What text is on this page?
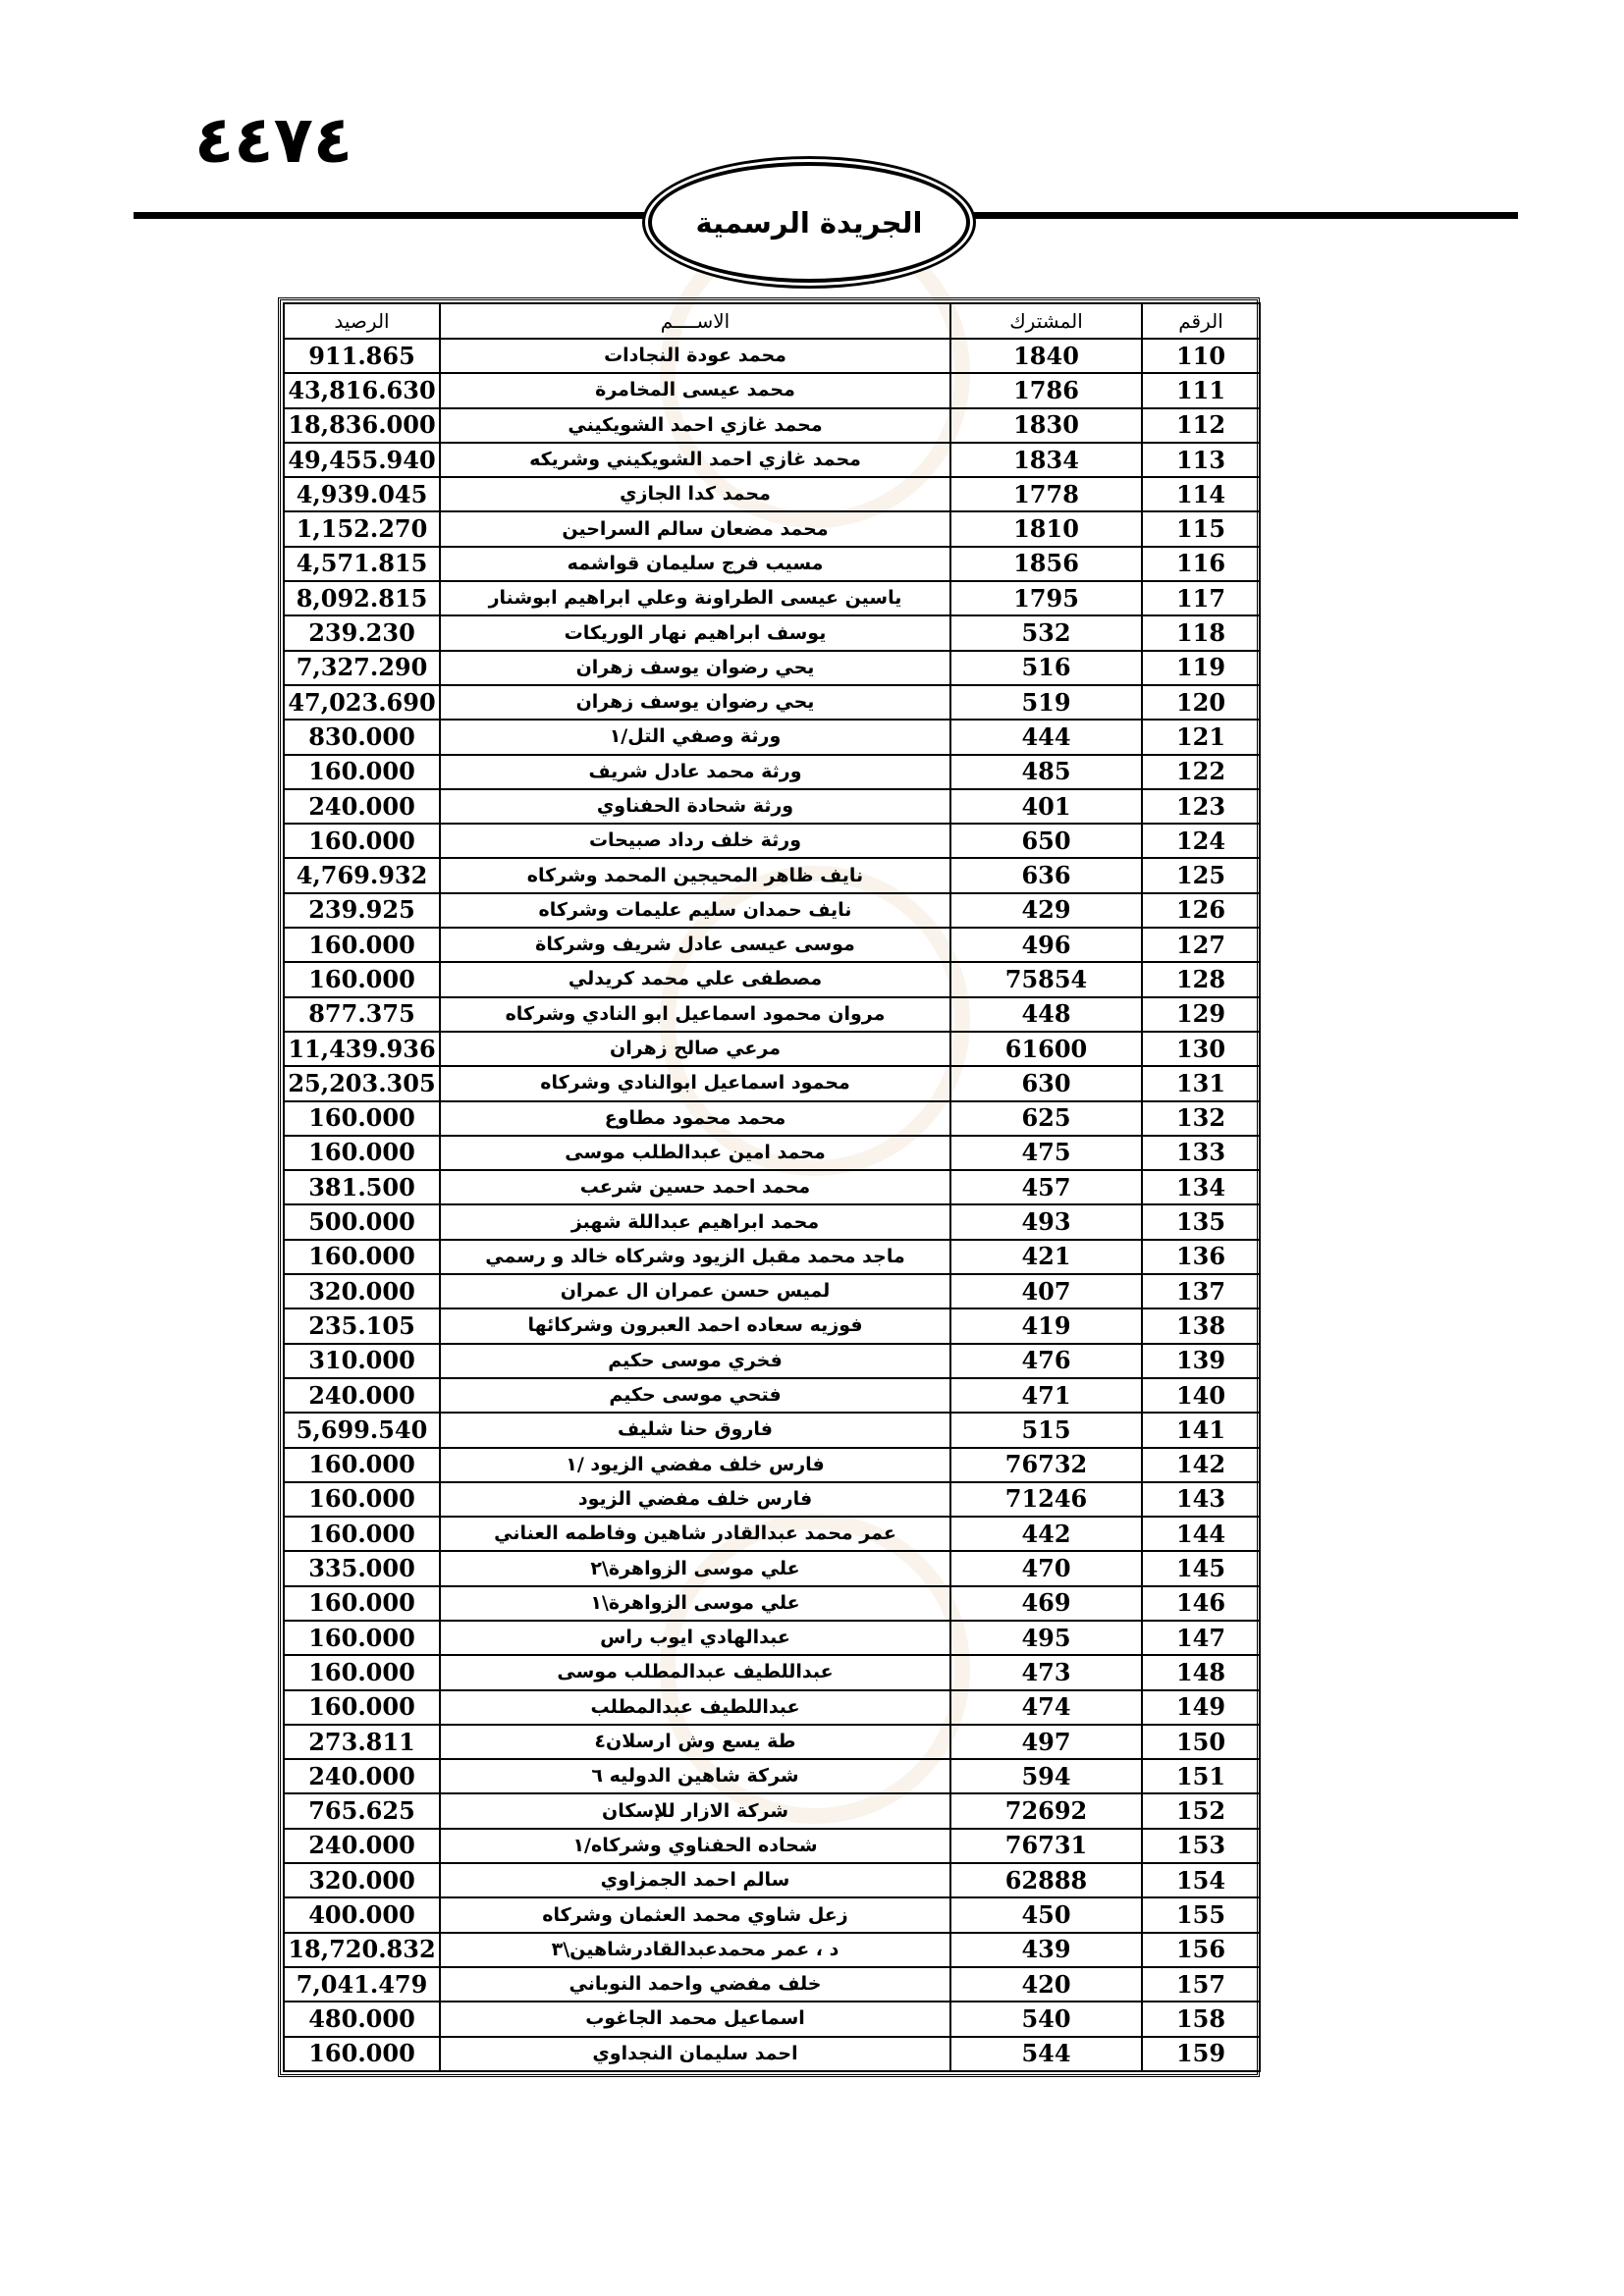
٤٤٧٤
الجريدة الرسمية
الرقم	المشترك	الاســــم	الرصيد
110	1840	محمد عودة النجادات	911.865
111	1786	محمد عيسى المخامرة	43,816.630
112	1830	محمد غازي احمد الشويكيني	18,836.000
113	1834	محمد غازي احمد الشويكيني وشريكه	49,455.940
114	1778	محمد كدا الجازي	4,939.045
115	1810	محمد مضعان سالم السراحين	1,152.270
116	1856	مسيب فرج سليمان قواشمه	4,571.815
117	1795	ياسين عيسى الطراونة وعلي ابراهيم ابوشنار	8,092.815
118	532	يوسف ابراهيم نهار الوريكات	239.230
119	516	يحي رضوان يوسف زهران	7,327.290
120	519	يحي رضوان يوسف زهران	47,023.690
121	444	ورثة وصفي التل/١	830.000
122	485	ورثة محمد عادل شريف	160.000
123	401	ورثة شحادة الحفناوي	240.000
124	650	ورثة خلف رداد صبيحات	160.000
125	636	نايف ظاهر المحيجين المحمد وشركاه	4,769.932
126	429	نايف حمدان سليم عليمات وشركاه	239.925
127	496	موسى عيسى عادل شريف وشركاة	160.000
128	75854	مصطفى علي محمد كريدلي	160.000
129	448	مروان محمود اسماعيل ابو النادي وشركاه	877.375
130	61600	مرعي صالح زهران	11,439.936
131	630	محمود اسماعيل ابوالنادي وشركاه	25,203.305
132	625	محمد محمود مطاوع	160.000
133	475	محمد امين عبدالطلب موسى	160.000
134	457	محمد احمد حسين شرعب	381.500
135	493	محمد ابراهيم عبداللة شهبز	500.000
136	421	ماجد محمد مقبل الزيود وشركاه خالد و رسمي	160.000
137	407	لميس حسن عمران ال عمران	320.000
138	419	فوزيه سعاده احمد العبرون وشركائها	235.105
139	476	فخري موسى حكيم	310.000
140	471	فتحي موسى حكيم	240.000
141	515	فاروق حنا شليف	5,699.540
142	76732	فارس خلف مفضي الزيود /١	160.000
143	71246	فارس خلف مفضي الزيود	160.000
144	442	عمر محمد عبدالقادر شاهين وفاطمه العناني	160.000
145	470	علي موسى الزواهرة\٢	335.000
146	469	علي موسى الزواهرة\١	160.000
147	495	عبدالهادي ايوب راس	160.000
148	473	عبداللطيف عبدالمطلب موسى	160.000
149	474	عبداللطيف عبدالمطلب	160.000
150	497	طة يسع وش ارسلان٤	273.811
151	594	شركة شاهين الدوليه ٦	240.000
152	72692	شركة الازار للإسكان	765.625
153	76731	شحاده الحفناوي وشركاه/١	240.000
154	62888	سالم احمد الجمزاوي	320.000
155	450	زعل شاوي محمد العثمان وشركاه	400.000
156	439	د ، عمر محمدعبدالقادرشاهين\٣	18,720.832
157	420	خلف مفضي واحمد النوباني	7,041.479
158	540	اسماعيل محمد الجاغوب	480.000
159	544	احمد سليمان النجداوي	160.000
